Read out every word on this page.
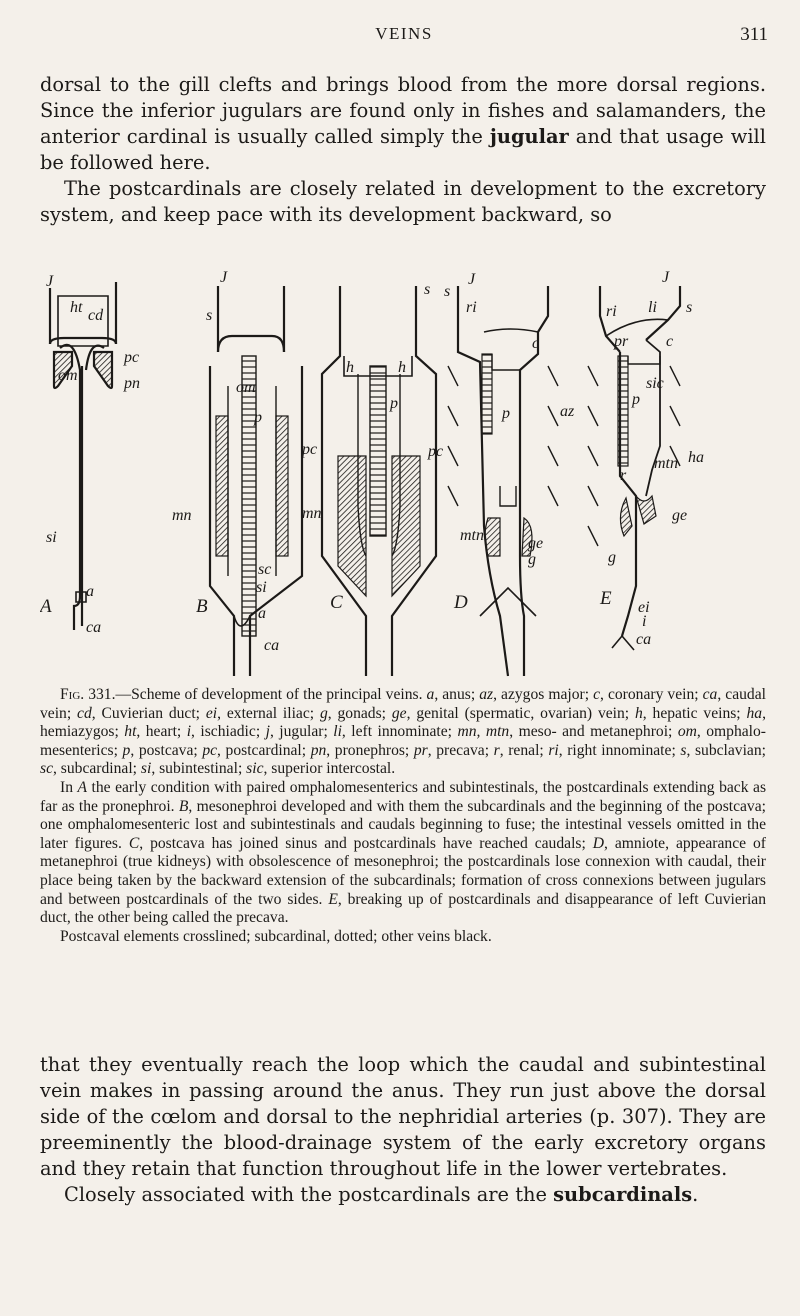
VEINS	311
dorsal to the gill clefts and brings blood from the more dorsal regions. Since the inferior jugulars are found only in fishes and salamanders, the anterior cardinal is usually called simply the jugular and that usage will be followed here.
The postcardinals are closely related in development to the excretory system, and keep pace with its development backward, so
J
ht cd
om
pc
pn
si
a
ca
A
J
s
om
p
mn
sc
si
a
ca
B
s
h	h
p
pc
mn
C
J
s
ri
c
p
pc
mtn	ge
g
az
D
J
ri li s
pr c
sic
p
ha
r
mtn
ge
g
ei
i
ca
E

Fig. 331.—Scheme of development of the principal veins. a, anus; az, azygos major; c, coronary vein; ca, caudal vein; cd, Cuvierian duct; ei, external iliac; g, gonads; ge, genital (spermatic, ovarian) vein; h, hepatic veins; ha, hemiazygos; ht, heart; i, ischiadic; j, jugular; li, left innominate; mn, mtn, meso- and metanephroi; om, omphalo-mesenterics; p, postcava; pc, postcardinal; pn, pronephros; pr, precava; r, renal; ri, right innominate; s, subclavian; sc, subcardinal; si, subintestinal; sic, superior intercostal.

In A the early condition with paired omphalomesenterics and subintestinals, the postcardinals extending back as far as the pronephroi. B, mesonephroi developed and with them the subcardinals and the beginning of the postcava; one omphalomesenteric lost and subintestinals and caudals beginning to fuse; the intestinal vessels omitted in the later figures. C, postcava has joined sinus and postcardinals have reached caudals; D, amniote, appearance of metanephroi (true kidneys) with obsolescence of mesonephroi; the postcardinals lose connexion with caudal, their place being taken by the backward extension of the subcardinals; formation of cross connexions between jugulars and between postcardinals of the two sides. E, breaking up of postcardinals and disappearance of left Cuvierian duct, the other being called the precava.

Postcaval elements crosslined; subcardinal, dotted; other veins black.

that they eventually reach the loop which the caudal and subintestinal vein makes in passing around the anus. They run just above the dorsal side of the cœlom and dorsal to the nephridial arteries (p. 307). They are preeminently the blood-drainage system of the early excretory organs and they retain that function throughout life in the lower vertebrates.
Closely associated with the postcardinals are the subcardinals.
